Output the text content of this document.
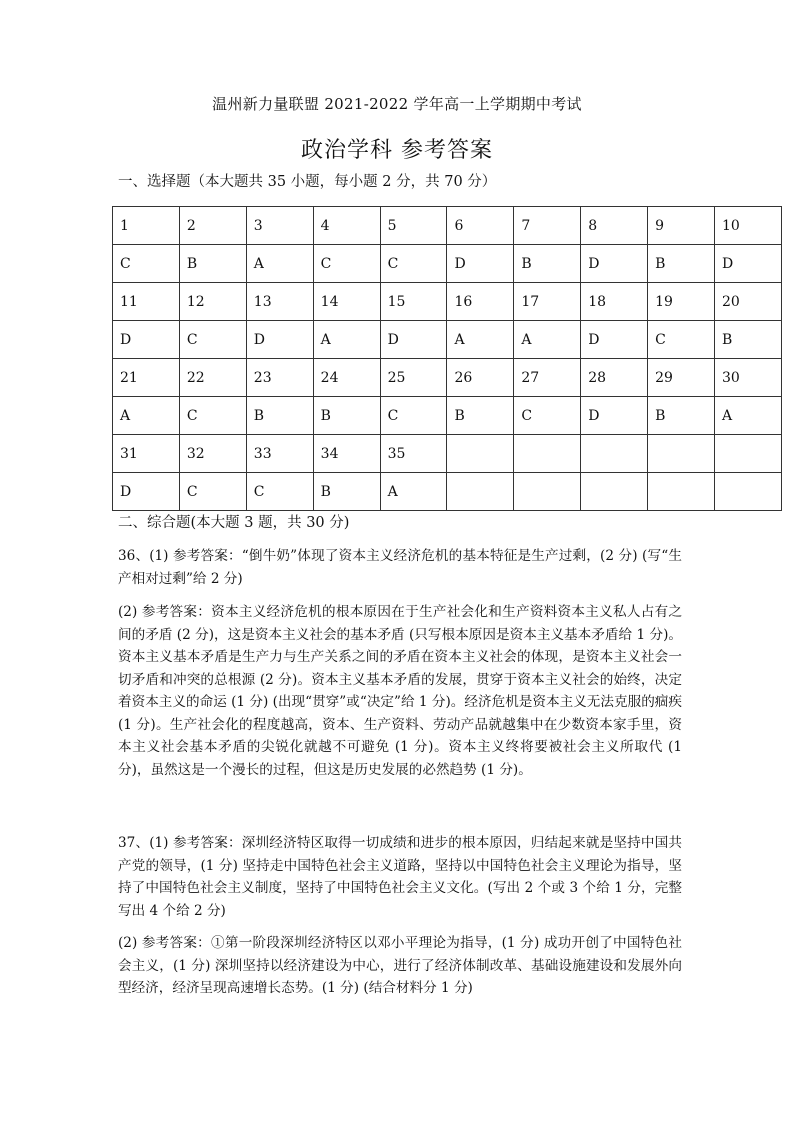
温州新力量联盟 2021-2022 学年高一上学期期中考试
政治学科 参考答案
一、选择题（本大题共 35 小题，每小题 2 分，共 70 分）
1	2	3	4	5	6	7	8	9	10
C	B	A	C	C	D	B	D	B	D
11	12	13	14	15	16	17	18	19	20
D	C	D	A	D	A	A	D	C	B
21	22	23	24	25	26	27	28	29	30
A	C	B	B	C	B	C	D	B	A
31	32	33	34	35					
D	C	C	B	A					
二、综合题(本大题 3 题，共 30 分)
36、(1) 参考答案：“倒牛奶”体现了资本主义经济危机的基本特征是生产过剩，(2 分) (写“生产相对过剩”给 2 分)
(2) 参考答案：资本主义经济危机的根本原因在于生产社会化和生产资料资本主义私人占有之间的矛盾 (2 分)，这是资本主义社会的基本矛盾 (只写根本原因是资本主义基本矛盾给 1 分)。资本主义基本矛盾是生产力与生产关系之间的矛盾在资本主义社会的体现，是资本主义社会一切矛盾和冲突的总根源 (2 分)。资本主义基本矛盾的发展，贯穿于资本主义社会的始终，决定着资本主义的命运 (1 分) (出现“贯穿”或“决定”给 1 分)。经济危机是资本主义无法克服的痼疾 (1 分)。生产社会化的程度越高，资本、生产资料、劳动产品就越集中在少数资本家手里，资本主义社会基本矛盾的尖锐化就越不可避免 (1 分)。资本主义终将要被社会主义所取代 (1 分)，虽然这是一个漫长的过程，但这是历史发展的必然趋势 (1 分)。
37、(1) 参考答案：深圳经济特区取得一切成绩和进步的根本原因，归结起来就是坚持中国共产党的领导，(1 分) 坚持走中国特色社会主义道路，坚持以中国特色社会主义理论为指导，坚持了中国特色社会主义制度，坚持了中国特色社会主义文化。(写出 2 个或 3 个给 1 分，完整写出 4 个给 2 分)
(2) 参考答案：①第一阶段深圳经济特区以邓小平理论为指导，(1 分) 成功开创了中国特色社会主义，(1 分) 深圳坚持以经济建设为中心，进行了经济体制改革、基础设施建设和发展外向型经济，经济呈现高速增长态势。(1 分) (结合材料分 1 分)
